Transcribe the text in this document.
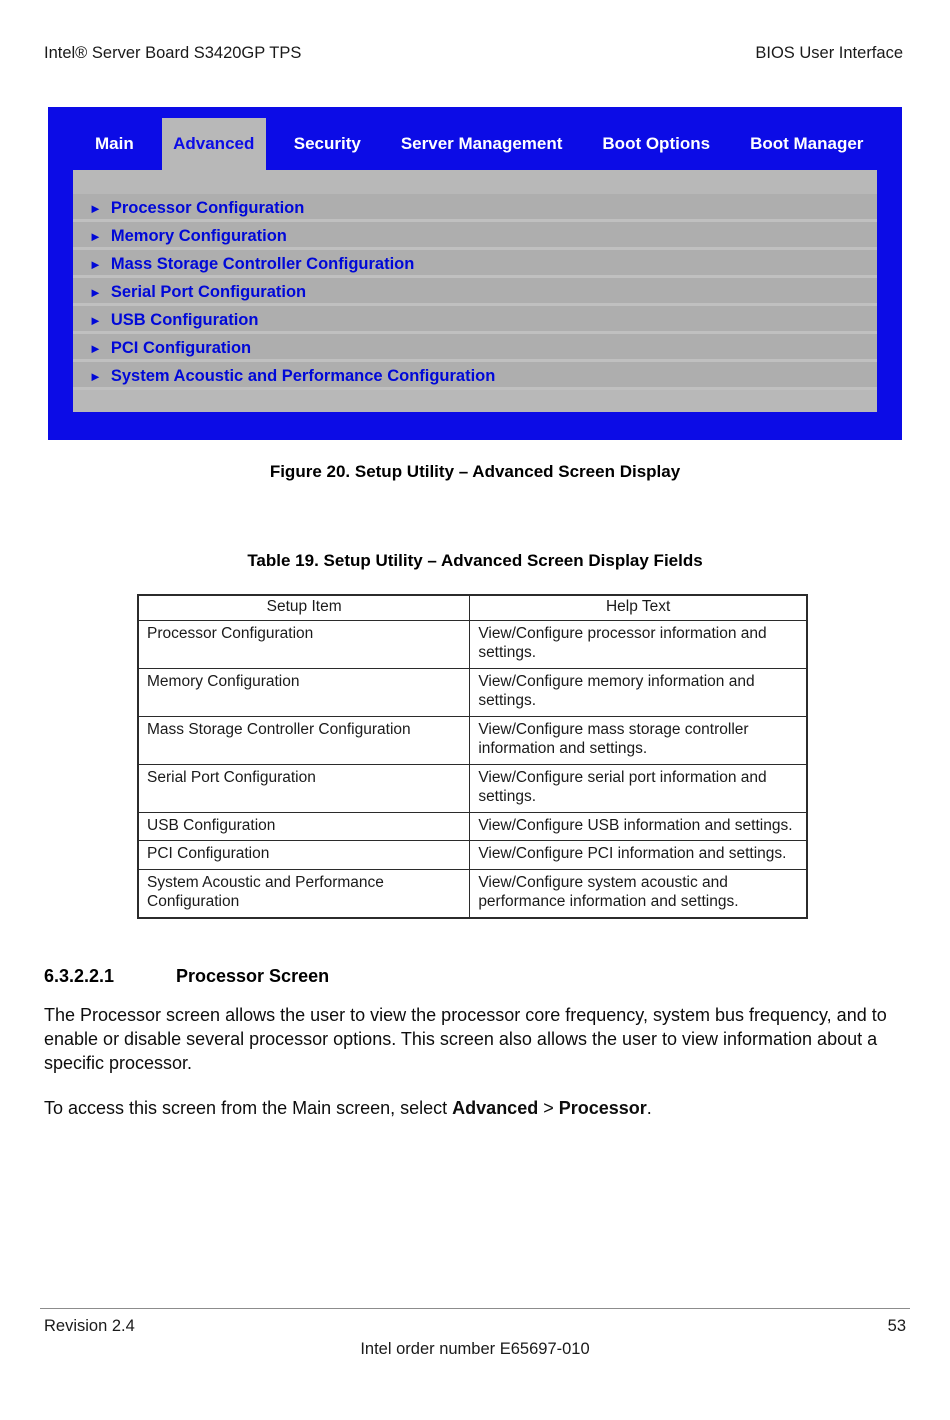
Intel® Server Board S3420GP TPS	BIOS User Interface
Main	Advanced	Security	Server Management	Boot Options	Boot Manager
► Processor Configuration
► Memory Configuration
► Mass Storage Controller Configuration
► Serial Port Configuration
► USB Configuration
► PCI Configuration
► System Acoustic and Performance Configuration
Figure 20. Setup Utility – Advanced Screen Display
Table 19. Setup Utility – Advanced Screen Display Fields
Setup Item	Help Text
Processor Configuration	View/Configure processor information and settings.
Memory Configuration	View/Configure memory information and settings.
Mass Storage Controller Configuration	View/Configure mass storage controller information and settings.
Serial Port Configuration	View/Configure serial port information and settings.
USB Configuration	View/Configure USB information and settings.
PCI Configuration	View/Configure PCI information and settings.
System Acoustic and Performance Configuration	View/Configure system acoustic and performance information and settings.
6.3.2.2.1	Processor Screen

The Processor screen allows the user to view the processor core frequency, system bus frequency, and to enable or disable several processor options. This screen also allows the user to view information about a specific processor.

To access this screen from the Main screen, select Advanced > Processor.

Revision 2.4	53
Intel order number E65697-010
